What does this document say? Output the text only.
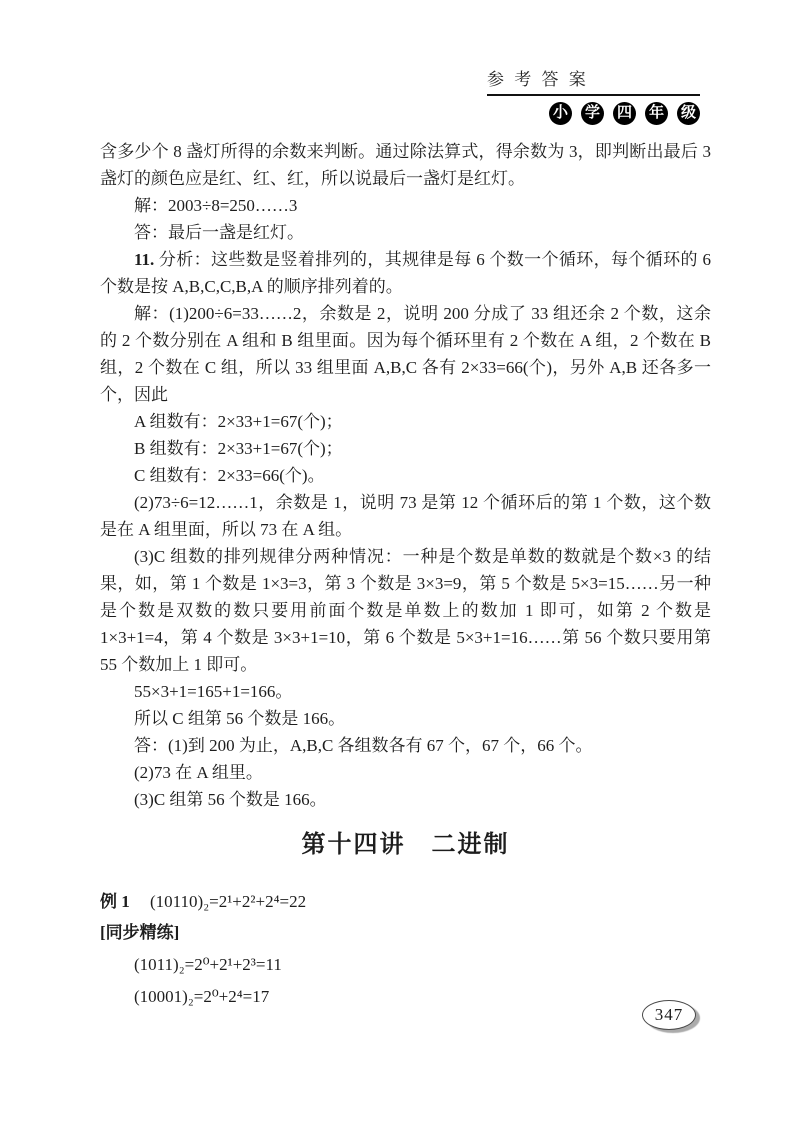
参 考 答 案
小 学 四 年 级

含多少个 8 盏灯所得的余数来判断。通过除法算式，得余数为 3，即判断出最后 3 盏灯的颜色应是红、红、红，所以说最后一盏灯是红灯。

解：2003÷8=250……3

答：最后一盏是红灯。

11. 分析：这些数是竖着排列的，其规律是每 6 个数一个循环，每个循环的 6 个数是按 A,B,C,C,B,A 的顺序排列着的。

解：(1)200÷6=33……2，余数是 2，说明 200 分成了 33 组还余 2 个数，这余的 2 个数分别在 A 组和 B 组里面。因为每个循环里有 2 个数在 A 组，2 个数在 B 组，2 个数在 C 组，所以 33 组里面 A,B,C 各有 2×33=66(个)，另外 A,B 还各多一个，因此

A 组数有：2×33+1=67(个)；

B 组数有：2×33+1=67(个)；

C 组数有：2×33=66(个)。

(2)73÷6=12……1，余数是 1，说明 73 是第 12 个循环后的第 1 个数，这个数是在 A 组里面，所以 73 在 A 组。

(3)C 组数的排列规律分两种情况：一种是个数是单数的数就是个数×3 的结果，如，第 1 个数是 1×3=3，第 3 个数是 3×3=9，第 5 个数是 5×3=15……另一种是个数是双数的数只要用前面个数是单数上的数加 1 即可，如第 2 个数是 1×3+1=4，第 4 个数是 3×3+1=10，第 6 个数是 5×3+1=16……第 56 个数只要用第 55 个数加上 1 即可。

55×3+1=165+1=166。

所以 C 组第 56 个数是 166。

答：(1)到 200 为止，A,B,C 各组数各有 67 个，67 个，66 个。

(2)73 在 A 组里。

(3)C 组第 56 个数是 166。

第十四讲　二进制
例 1 (10110)₂=2¹+2²+2⁴=22
[同步精练]

(1011)₂=2⁰+2¹+2³=11

(10001)₂=2⁰+2⁴=17

347
